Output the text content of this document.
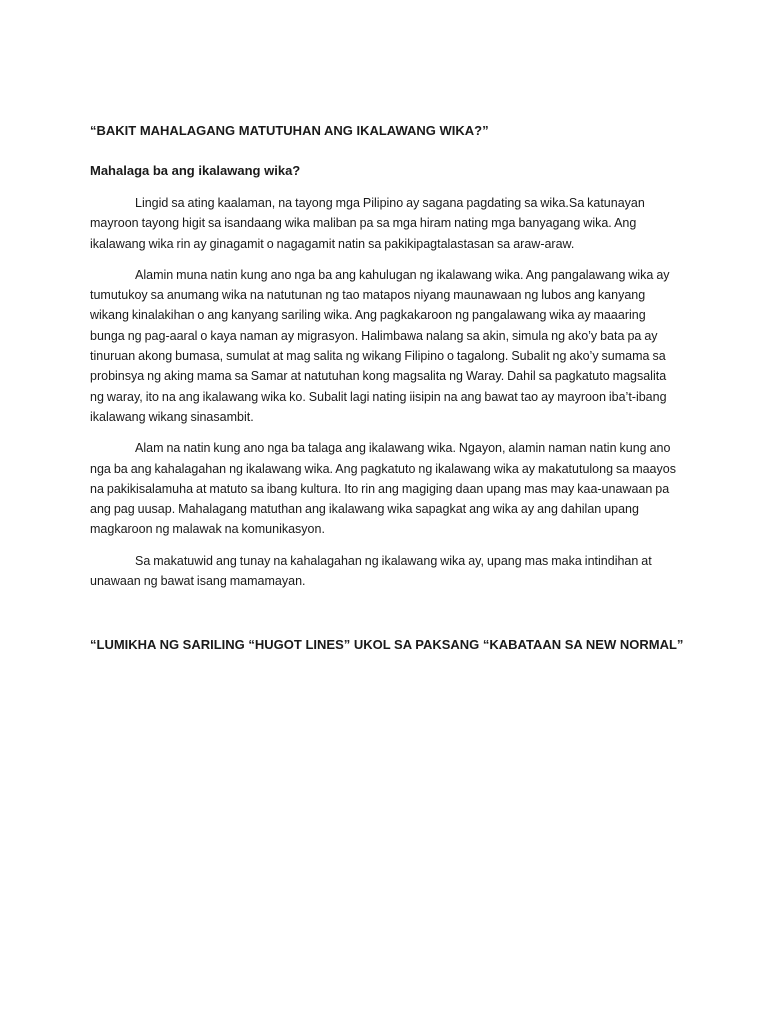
“BAKIT MAHALAGANG MATUTUHAN ANG IKALAWANG WIKA?”

Mahalaga ba ang ikalawang wika?

Lingid sa ating kaalaman, na tayong mga Pilipino ay sagana pagdating sa wika.Sa katunayan mayroon tayong higit sa isandaang wika maliban pa sa mga hiram nating mga banyagang wika. Ang ikalawang wika rin ay ginagamit o nagagamit natin sa pakikipagtalastasan sa araw-araw.

Alamin muna natin kung ano nga ba ang kahulugan ng ikalawang wika. Ang pangalawang wika ay tumutukoy sa anumang wika na natutunan ng tao matapos niyang maunawaan ng lubos ang kanyang wikang kinalakihan o ang kanyang sariling wika. Ang pagkakaroon ng pangalawang wika ay maaaring bunga ng pag-aaral o kaya naman ay migrasyon. Halimbawa nalang sa akin, simula ng ako’y bata pa ay tinuruan akong bumasa, sumulat at mag salita ng wikang Filipino o tagalong. Subalit ng ako’y sumama sa probinsya ng aking mama sa Samar at natutuhan kong magsalita ng Waray. Dahil sa pagkatuto magsalita ng waray, ito na ang ikalawang wika ko. Subalit lagi nating iisipin na ang bawat tao ay mayroon iba’t-ibang ikalawang wikang sinasambit.

Alam na natin kung ano nga ba talaga ang ikalawang wika. Ngayon, alamin naman natin kung ano nga ba ang kahalagahan ng ikalawang wika. Ang pagkatuto ng ikalawang wika ay makatutulong sa maayos na pakikisalamuha at matuto sa ibang kultura. Ito rin ang magiging daan upang mas may kaa-unawaan pa ang pag uusap. Mahalagang matuthan ang ikalawang wika sapagkat ang wika ay ang dahilan upang magkaroon ng malawak na komunikasyon.

Sa makatuwid ang tunay na kahalagahan ng ikalawang wika ay, upang mas maka intindihan at unawaan ng bawat isang mamamayan.

“LUMIKHA NG SARILING “HUGOT LINES” UKOL SA PAKSANG “KABATAAN SA NEW NORMAL”
